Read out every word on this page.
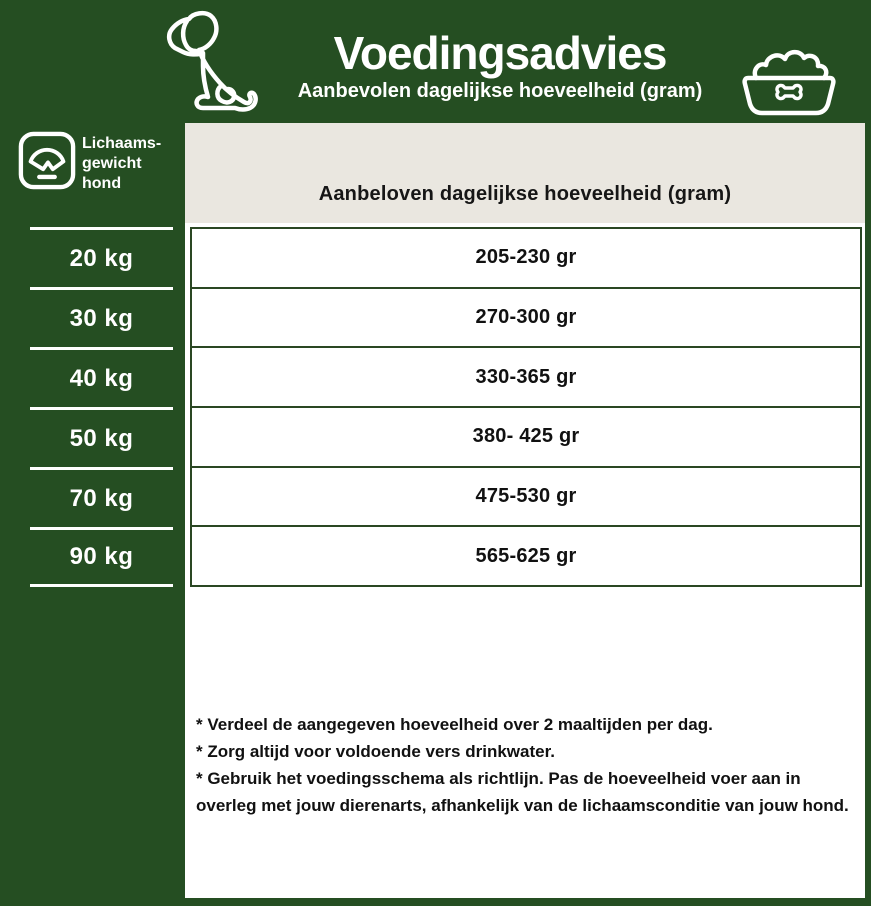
Voedingsadvies
Aanbevolen dagelijkse hoeveelheid (gram)
Lichaams-
gewicht
hond
20 kg
30 kg
40 kg
50 kg
70 kg
90 kg
Aanbeloven dagelijkse hoeveelheid (gram)
205-230 gr
270-300 gr
330-365 gr
380- 425 gr
475-530 gr
565-625 gr

* Verdeel de aangegeven hoeveelheid over 2 maaltijden per dag.

* Zorg altijd voor voldoende vers drinkwater.

* Gebruik het voedingsschema als richtlijn. Pas de hoeveelheid voer aan in overleg met jouw dierenarts, afhankelijk van de lichaamsconditie van jouw hond.
